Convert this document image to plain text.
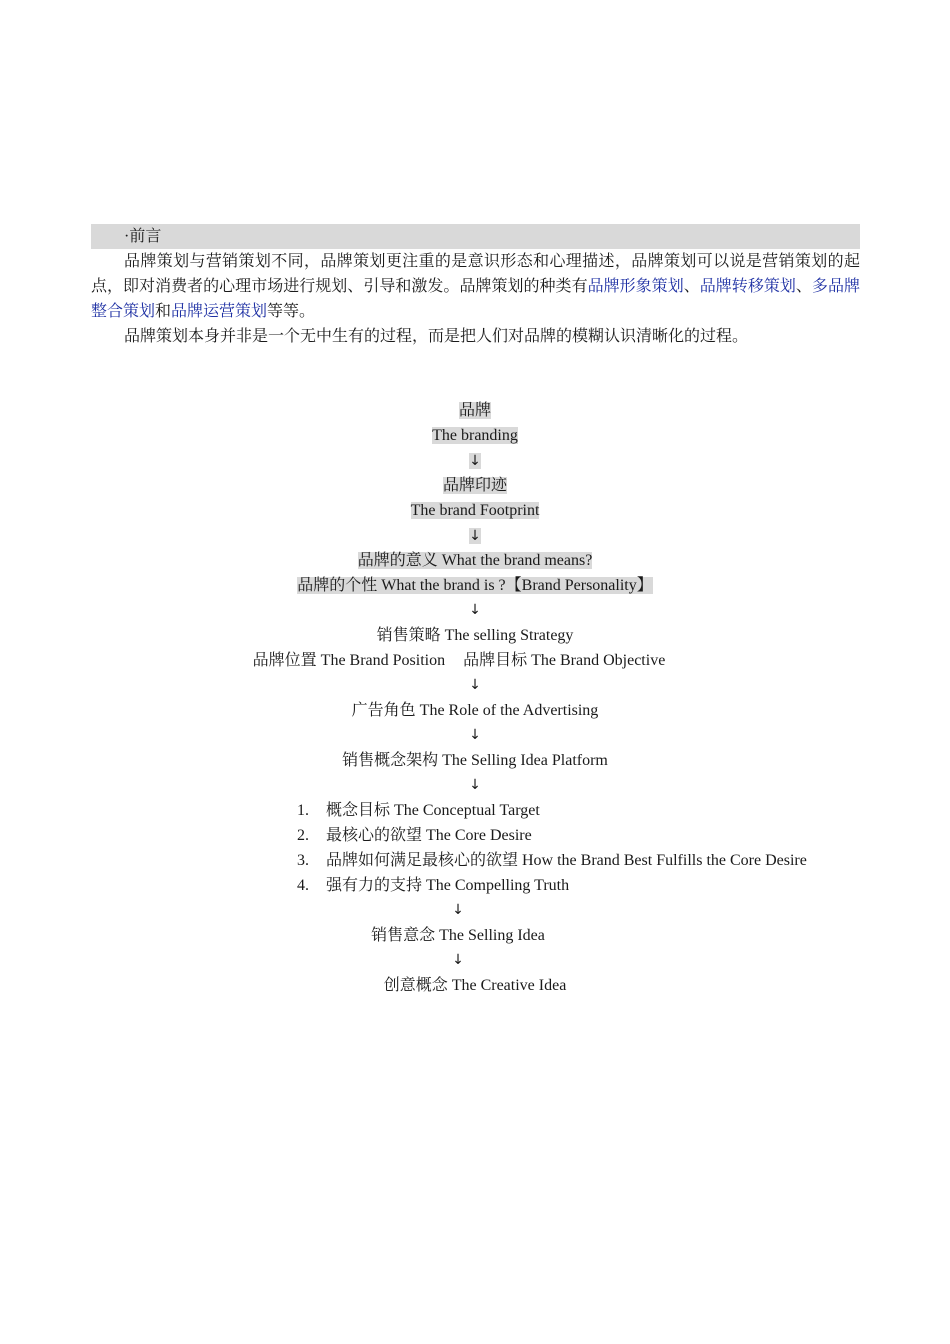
·前言

品牌策划与营销策划不同，品牌策划更注重的是意识形态和心理描述，品牌策划可以说是营销策划的起点，即对消费者的心理市场进行规划、引导和激发。品牌策划的种类有品牌形象策划、品牌转移策划、多品牌整合策划和品牌运营策划等等。

品牌策划本身并非是一个无中生有的过程，而是把人们对品牌的模糊认识清晰化的过程。

品牌
The branding
↓
品牌印迹
The brand Footprint
↓
品牌的意义 What the brand means?
品牌的个性 What the brand is ?【Brand Personality】
↓
销售策略 The selling Strategy
品牌位置 The Brand Position 品牌目标 The Brand Objective
↓
广告角色 The Role of the Advertising
↓
销售概念架构 The Selling Idea Platform
↓
1. 概念目标 The Conceptual Target
2. 最核心的欲望 The Core Desire
3. 品牌如何满足最核心的欲望 How the Brand Best Fulfills the Core Desire
4. 强有力的支持 The Compelling Truth
↓
销售意念 The Selling Idea
↓
创意概念 The Creative Idea
